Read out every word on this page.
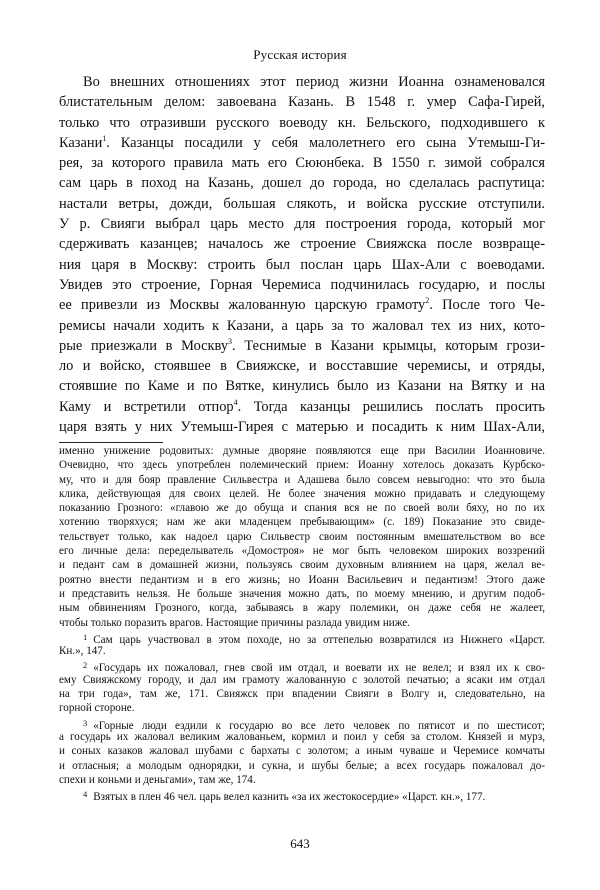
Русская история
Во внешних отношениях этот период жизни Иоанна ознаменовался
блистательным делом: завоевана Казань. В 1548 г. умер Сафа-Гирей,
только что отразивши русского воеводу кн. Бельского, подходившего к
Казани$^1$. Казанцы посадили у себя малолетнего его сына Утемыш-Ги-
рея, за которого правила мать его Сююнбека. В 1550 г. зимой собрался
сам царь в поход на Казань, дошел до города, но сделалась распутица:
настали ветры, дожди, большая слякоть, и войска русские отступили.
У р. Свияги выбрал царь место для построения города, который мог
сдерживать казанцев; началось же строение Свияжска после возвраще-
ния царя в Москву: строить был послан царь Шах-Али с воеводами.
Увидев это строение, Горная Черемиса подчинилась государю, и послы
ее привезли из Москвы жалованную царскую грамоту$^2$. После того Че-
ремисы начали ходить к Казани, а царь за то жаловал тех из них, кото-
рые приезжали в Москву$^3$. Теснимые в Казани крымцы, которым грози-
ло и войско, стоявшее в Свияжске, и восставшие черемисы, и отряды,
стоявшие по Каме и по Вятке, кинулись было из Казани на Вятку и на
Каму и встретили отпор$^4$. Тогда казанцы решились послать просить
царя взять у них Утемыш-Гирея с матерью и посадить к ним Шах-Али,
именно унижение родовитых: думные дворяне появляются еще при Василии Иоанновиче.
Очевидно, что здесь употреблен полемический прием: Иоанну хотелось доказать Курбско-
му, что и для бояр правление Сильвестра и Адашева было совсем невыгодно: что это была
клика, действующая для своих целей. Не более значения можно придавать и следующему
показанию Грозного: «главою же до обуща и спания вся не по своей воли бяху, но по их
хотению творяхуся; нам же аки младенцем пребывающим» (с. 189) Показание это свиде-
тельствует только, как надоел царю Сильвестр своим постоянным вмешательством во все
его личные дела: переделыватель «Домостроя» не мог быть человеком широких воззрений
и педант сам в домашней жизни, пользуясь своим духовным влиянием на царя, желал ве-
роятно внести педантизм и в его жизнь; но Иоанн Васильевич и педантизм! Этого даже
и представить нельзя. Не больше значения можно дать, по моему мнению, и другим подоб-
ным обвинениям Грозного, когда, забываясь в жару полемики, он даже себя не жалеет,
чтобы только поразить врагов. Настоящие причины разлада увидим ниже.
$^1$ Сам царь участвовал в этом походе, но за оттепелью возвратился из Нижнего «Царст.
Кн.», 147.
$^2$ «Государь их пожаловал, гнев свой им отдал, и воевати их не велел; и взял их к сво-
ему Свияжскому городу, и дал им грамоту жалованную с золотой печатью; а ясаки им отдал
на три года», там же, 171. Свияжск при впадении Свияги в Волгу и, следовательно, на
горной стороне.
$^3$ «Горные люди ездили к государю во все лето человек по пятисот и по шестисот;
а государь их жаловал великим жалованьем, кормил и поил у себя за столом. Князей и мурз,
и соных казаков жаловал шубами с бархаты с золотом; а иным чуваше и Черемисе комчаты
и отласныя; а молодым однорядки, и сукна, и шубы белые; а всех государь пожаловал до-
спехи и коньми и деньгами», там же, 174.
$^4$ Взятых в плен 46 чел. царь велел казнить «за их жестокосердие» «Царст. кн.», 177.
643
